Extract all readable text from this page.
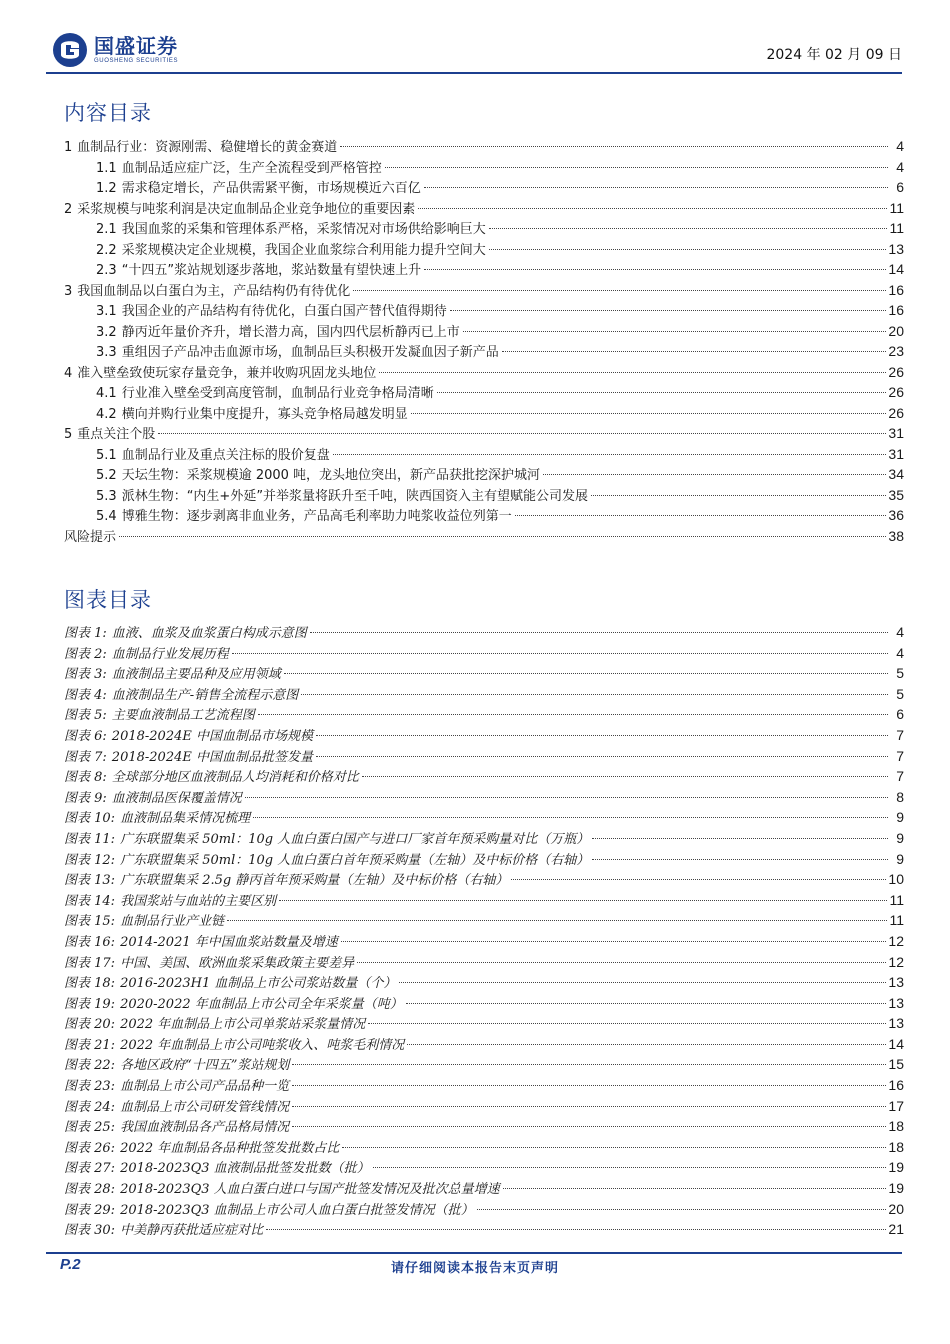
国盛证券
GUOSHENG SECURITIES	2024 年 02 月 09 日
内容目录
1 血制品行业：资源刚需、稳健增长的黄金赛道	4
1.1 血制品适应症广泛，生产全流程受到严格管控	4
1.2 需求稳定增长，产品供需紧平衡，市场规模近六百亿	6
2 采浆规模与吨浆利润是决定血制品企业竞争地位的重要因素	11
2.1 我国血浆的采集和管理体系严格，采浆情况对市场供给影响巨大	11
2.2 采浆规模决定企业规模，我国企业血浆综合利用能力提升空间大	13
2.3 “十四五”浆站规划逐步落地，浆站数量有望快速上升	14
3 我国血制品以白蛋白为主，产品结构仍有待优化	16
3.1 我国企业的产品结构有待优化，白蛋白国产替代值得期待	16
3.2 静丙近年量价齐升，增长潜力高，国内四代层析静丙已上市	20
3.3 重组因子产品冲击血源市场，血制品巨头积极开发凝血因子新产品	23
4 准入壁垒致使玩家存量竞争，兼并收购巩固龙头地位	26
4.1 行业准入壁垒受到高度管制，血制品行业竞争格局清晰	26
4.2 横向并购行业集中度提升，寡头竞争格局越发明显	26
5 重点关注个股	31
5.1 血制品行业及重点关注标的股价复盘	31
5.2 天坛生物：采浆规模逾 2000 吨，龙头地位突出，新产品获批挖深护城河	34
5.3 派林生物：“内生+外延”并举浆量将跃升至千吨，陕西国资入主有望赋能公司发展	35
5.4 博雅生物：逐步剥离非血业务，产品高毛利率助力吨浆收益位列第一	36
风险提示	38
图表目录
图表 1: 血液、血浆及血浆蛋白构成示意图	4
图表 2: 血制品行业发展历程	4
图表 3: 血液制品主要品种及应用领域	5
图表 4: 血液制品生产-销售全流程示意图	5
图表 5: 主要血液制品工艺流程图	6
图表 6: 2018-2024E 中国血制品市场规模	7
图表 7: 2018-2024E 中国血制品批签发量	7
图表 8: 全球部分地区血液制品人均消耗和价格对比	7
图表 9: 血液制品医保覆盖情况	8
图表 10: 血液制品集采情况梳理	9
图表 11: 广东联盟集采 50ml：10g 人血白蛋白国产与进口厂家首年预采购量对比（万瓶）	9
图表 12: 广东联盟集采 50ml：10g 人血白蛋白首年预采购量（左轴）及中标价格（右轴）	9
图表 13: 广东联盟集采 2.5g 静丙首年预采购量（左轴）及中标价格（右轴）	10
图表 14: 我国浆站与血站的主要区别	11
图表 15: 血制品行业产业链	11
图表 16: 2014-2021 年中国血浆站数量及增速	12
图表 17: 中国、美国、欧洲血浆采集政策主要差异	12
图表 18: 2016-2023H1 血制品上市公司浆站数量（个）	13
图表 19: 2020-2022 年血制品上市公司全年采浆量（吨）	13
图表 20: 2022 年血制品上市公司单浆站采浆量情况	13
图表 21: 2022 年血制品上市公司吨浆收入、吨浆毛利情况	14
图表 22: 各地区政府“十四五”浆站规划	15
图表 23: 血制品上市公司产品品种一览	16
图表 24: 血制品上市公司研发管线情况	17
图表 25: 我国血液制品各产品格局情况	18
图表 26: 2022 年血制品各品种批签发批数占比	18
图表 27: 2018-2023Q3 血液制品批签发批数（批）	19
图表 28: 2018-2023Q3 人血白蛋白进口与国产批签发情况及批次总量增速	19
图表 29: 2018-2023Q3 血制品上市公司人血白蛋白批签发情况（批）	20
图表 30: 中美静丙获批适应症对比	21
P.2	请仔细阅读本报告末页声明
